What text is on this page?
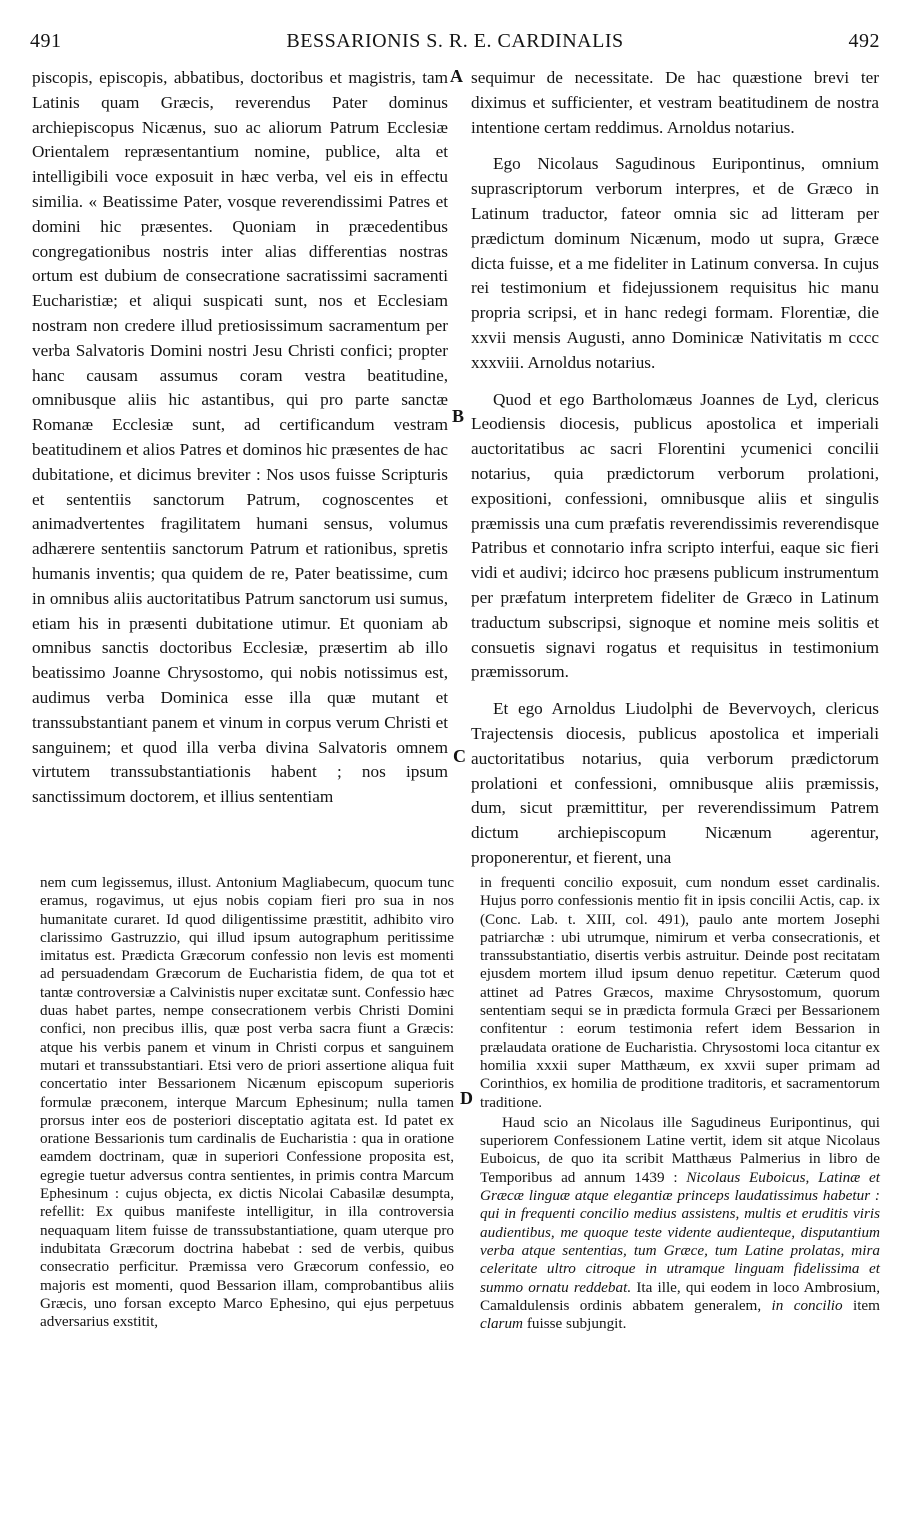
491	BESSARIONIS S. R. E. CARDINALIS	492
A
B
C
D

piscopis, episcopis, abbatibus, doctoribus et magistris, tam Latinis quam Græcis, reverendus Pater dominus archiepiscopus Nicænus, suo ac aliorum Patrum Ecclesiæ Orientalem repræsentantium nomine, publice, alta et intelligibili voce exposuit in hæc verba, vel eis in effectu similia. « Beatissime Pater, vosque reverendissimi Patres et domini hic præsentes. Quoniam in præcedentibus congregationibus nostris inter alias differentias nostras ortum est dubium de consecratione sacratissimi sacramenti Eucharistiæ; et aliqui suspicati sunt, nos et Ecclesiam nostram non credere illud pretiosissimum sacramentum per verba Salvatoris Domini nostri Jesu Christi confici; propter hanc causam assumus coram vestra beatitudine, omnibusque aliis hic astantibus, qui pro parte sanctæ Romanæ Ecclesiæ sunt, ad certificandum vestram beatitudinem et alios Patres et dominos hic præsentes de hac dubitatione, et dicimus breviter : Nos usos fuisse Scripturis et sententiis sanctorum Patrum, cognoscentes et animadvertentes fragilitatem humani sensus, volumus adhærere sententiis sanctorum Patrum et rationibus, spretis humanis inventis; qua quidem de re, Pater beatissime, cum in omnibus aliis auctoritatibus Patrum sanctorum usi sumus, etiam his in præsenti dubitatione utimur. Et quoniam ab omnibus sanctis doctoribus Ecclesiæ, præsertim ab illo beatissimo Joanne Chrysostomo, qui nobis notissimus est, audimus verba Dominica esse illa quæ mutant et transsubstantiant panem et vinum in corpus verum Christi et sanguinem; et quod illa verba divina Salvatoris omnem virtutem transsubstantiationis habent ; nos ipsum sanctissimum doctorem, et illius sententiam

sequimur de necessitate. De hac quæstione brevi ter diximus et sufficienter, et vestram beatitudinem de nostra intentione certam reddimus. Arnoldus notarius.

Ego Nicolaus Sagudinous Euripontinus, omnium suprascriptorum verborum interpres, et de Græco in Latinum traductor, fateor omnia sic ad litteram per prædictum dominum Nicænum, modo ut supra, Græce dicta fuisse, et a me fideliter in Latinum conversa. In cujus rei testimonium et fidejussionem requisitus hic manu propria scripsi, et in hanc redegi formam. Florentiæ, die xxvii mensis Augusti, anno Dominicæ Nativitatis m cccc xxxviii. Arnoldus notarius.

Quod et ego Bartholomæus Joannes de Lyd, clericus Leodiensis diocesis, publicus apostolica et imperiali auctoritatibus ac sacri Florentini ycumenici concilii notarius, quia prædictorum verborum prolationi, expositioni, confessioni, omnibusque aliis et singulis præmissis una cum præfatis reverendissimis reverendisque Patribus et connotario infra scripto interfui, eaque sic fieri vidi et audivi; idcirco hoc præsens publicum instrumentum per præfatum interpretem fideliter de Græco in Latinum traductum subscripsi, signoque et nomine meis solitis et consuetis signavi rogatus et requisitus in testimonium præmissorum.

Et ego Arnoldus Liudolphi de Bevervoych, clericus Trajectensis diocesis, publicus apostolica et imperiali auctoritatibus notarius, quia verborum prædictorum prolationi et confessioni, omnibusque aliis præmissis, dum, sicut præmittitur, per reverendissimum Patrem dictum archiepiscopum Nicænum agerentur, proponerentur, et fierent, una

nem cum legissemus, illust. Antonium Magliabecum, quocum tunc eramus, rogavimus, ut ejus nobis copiam fieri pro sua in nos humanitate curaret. Id quod diligentissime præstitit, adhibito viro clarissimo Gastruzzio, qui illud ipsum autographum peritissime imitatus est. Prædicta Græcorum confessio non levis est momenti ad persuadendam Græcorum de Eucharistia fidem, de qua tot et tantæ controversiæ a Calvinistis nuper excitatæ sunt. Confessio hæc duas habet partes, nempe consecrationem verbis Christi Domini confici, non precibus illis, quæ post verba sacra fiunt a Græcis: atque his verbis panem et vinum in Christi corpus et sanguinem mutari et transsubstantiari. Etsi vero de priori assertione aliqua fuit concertatio inter Bessarionem Nicænum episcopum superioris formulæ præconem, interque Marcum Ephesinum; nulla tamen prorsus inter eos de posteriori disceptatio agitata est. Id patet ex oratione Bessarionis tum cardinalis de Eucharistia : qua in oratione eamdem doctrinam, quæ in superiori Confessione proposita est, egregie tuetur adversus contra sentientes, in primis contra Marcum Ephesinum : cujus objecta, ex dictis Nicolai Cabasilæ desumpta, refellit: Ex quibus manifeste intelligitur, in illa controversia nequaquam litem fuisse de transsubstantiatione, quam uterque pro indubitata Græcorum doctrina habebat : sed de verbis, quibus consecratio perficitur. Præmissa vero Græcorum confessio, eo majoris est momenti, quod Bessarion illam, comprobantibus aliis Græcis, uno forsan excepto Marco Ephesino, qui ejus perpetuus adversarius exstitit,

in frequenti concilio exposuit, cum nondum esset cardinalis. Hujus porro confessionis mentio fit in ipsis concilii Actis, cap. ix (Conc. Lab. t. XIII, col. 491), paulo ante mortem Josephi patriarchæ : ubi utrumque, nimirum et verba consecrationis, et transsubstantiatio, disertis verbis astruitur. Deinde post recitatam ejusdem mortem illud ipsum denuo repetitur. Cæterum quod attinet ad Patres Græcos, maxime Chrysostomum, quorum sententiam sequi se in prædicta formula Græci per Bessarionem confitentur : eorum testimonia refert idem Bessarion in prælaudata oratione de Eucharistia. Chrysostomi loca citantur ex homilia xxxii super Matthæum, ex xxvii super primam ad Corinthios, ex homilia de proditione traditoris, et sacramentorum traditione.

Haud scio an Nicolaus ille Sagudineus Euripontinus, qui superiorem Confessionem Latine vertit, idem sit atque Nicolaus Euboicus, de quo ita scribit Matthæus Palmerius in libro de Temporibus ad annum 1439 : Nicolaus Euboicus, Latinæ et Græcæ linguæ atque elegantiæ princeps laudatissimus habetur : qui in frequenti concilio medius assistens, multis et eruditis viris audientibus, me quoque teste vidente audienteque, disputantium verba atque sententias, tum Græce, tum Latine prolatas, mira celeritate ultro citroque in utramque linguam fidelissima et summo ornatu reddebat. Ita ille, qui eodem in loco Ambrosium, Camaldulensis ordinis abbatem generalem, in concilio item clarum fuisse subjungit.
